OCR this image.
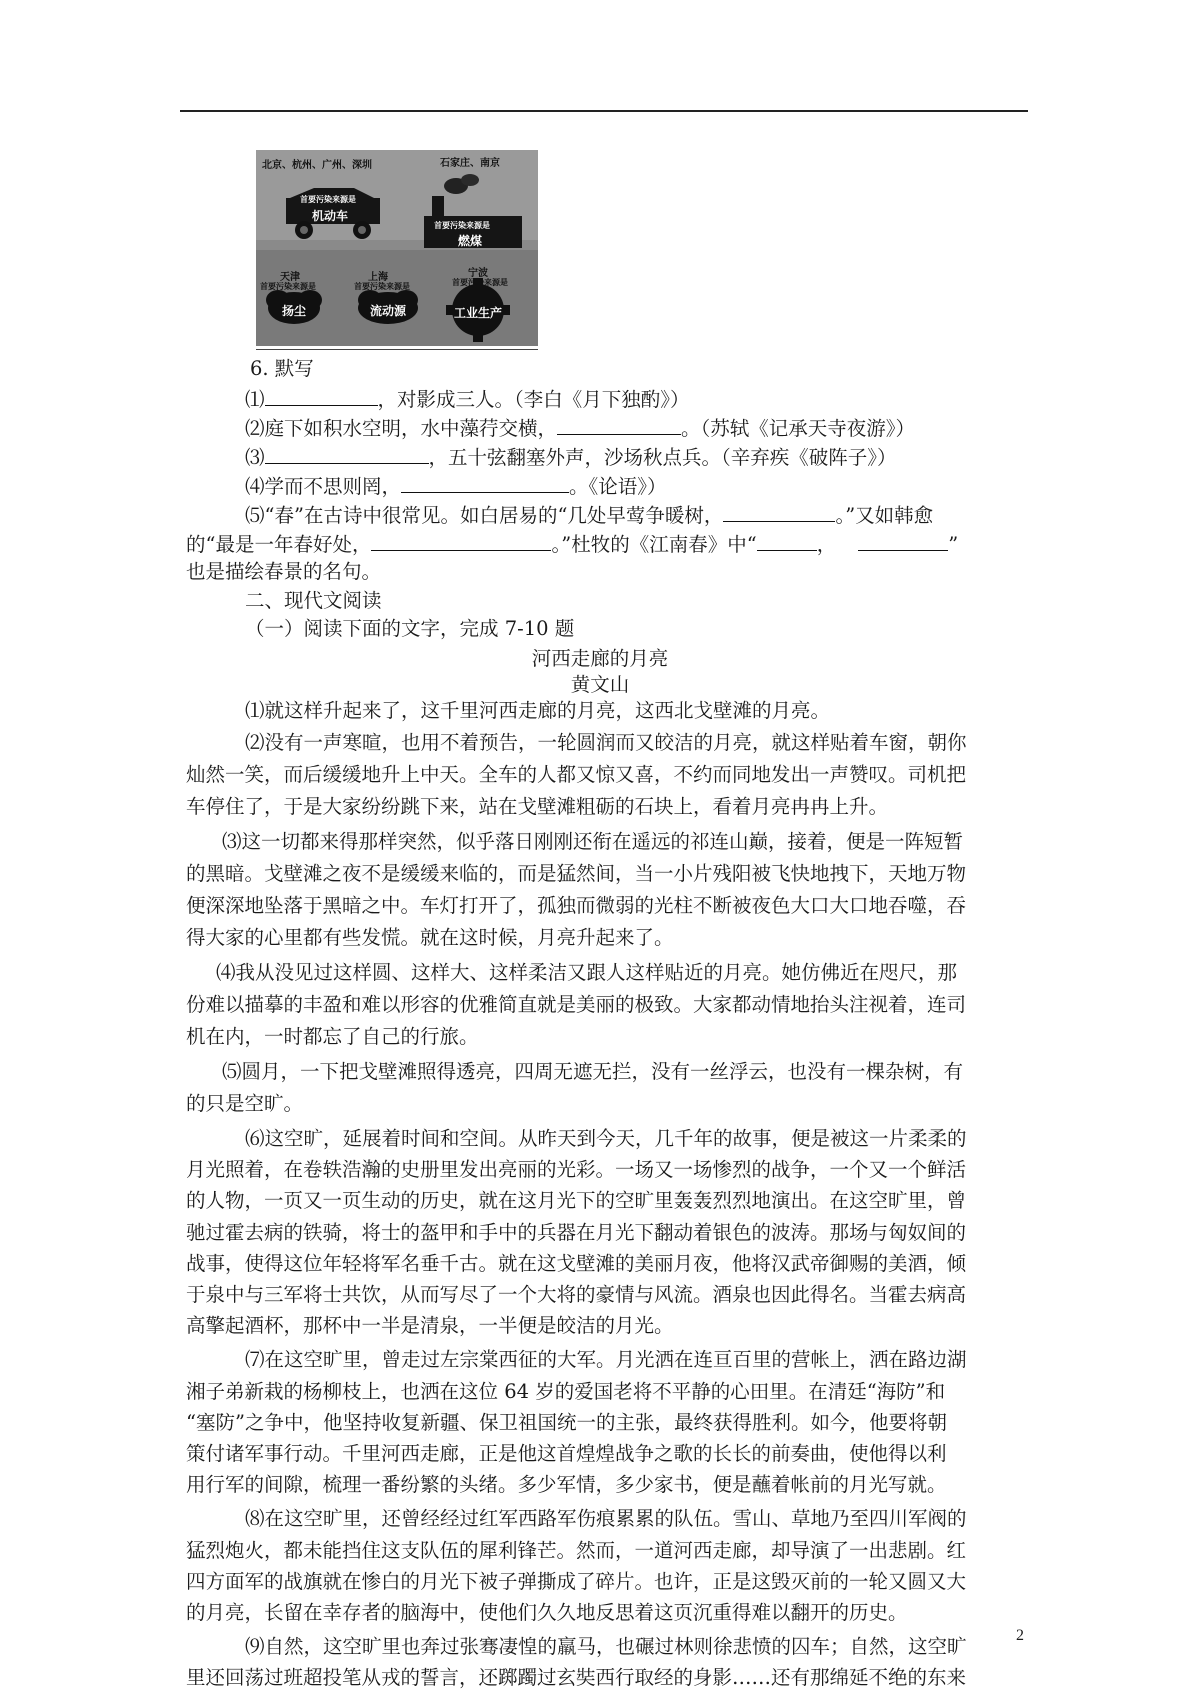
北京、杭州、广州、深圳	石家庄、南京
首要污染来源是
机动车
首要污染来源是
燃煤
天津
首要污染来源是
扬尘
上海
首要污染来源是
流动源
宁波
首要污染来源是
工业生产
6. 默写
⑴	，对影成三人。（李白《月下独酌》）
⑵庭下如积水空明，水中藻荇交横，	。（苏轼《记承天寺夜游》）
⑶	，五十弦翻塞外声，沙场秋点兵。（辛弃疾《破阵子》）
⑷学而不思则罔，	。《论语》）
⑸“春”在古诗中很常见。如白居易的“几处早莺争暖树，	。”又如韩愈
的“最是一年春好处，	。”杜牧的《江南春》中“	，	”
也是描绘春景的名句。
二、现代文阅读
（一）阅读下面的文字，完成 7-10 题
河西走廊的月亮
黄文山
⑴就这样升起来了，这千里河西走廊的月亮，这西北戈壁滩的月亮。
⑵没有一声寒暄，也用不着预告，一轮圆润而又皎洁的月亮，就这样贴着车窗，朝你
灿然一笑，而后缓缓地升上中天。全车的人都又惊又喜，不约而同地发出一声赞叹。司机把
车停住了，于是大家纷纷跳下来，站在戈壁滩粗砺的石块上，看着月亮冉冉上升。
⑶这一切都来得那样突然，似乎落日刚刚还衔在遥远的祁连山巅，接着，便是一阵短暂
的黑暗。戈壁滩之夜不是缓缓来临的，而是猛然间，当一小片残阳被飞快地拽下，天地万物
便深深地坠落于黑暗之中。车灯打开了，孤独而微弱的光柱不断被夜色大口大口地吞噬，吞
得大家的心里都有些发慌。就在这时候，月亮升起来了。
⑷我从没见过这样圆、这样大、这样柔洁又跟人这样贴近的月亮。她仿佛近在咫尺，那
份难以描摹的丰盈和难以形容的优雅简直就是美丽的极致。大家都动情地抬头注视着，连司
机在内，一时都忘了自己的行旅。
⑸圆月，一下把戈壁滩照得透亮，四周无遮无拦，没有一丝浮云，也没有一棵杂树，有
的只是空旷。
2
⑹这空旷，延展着时间和空间。从昨天到今天，几千年的故事，便是被这一片柔柔的
月光照着，在卷轶浩瀚的史册里发出亮丽的光彩。一场又一场惨烈的战争，一个又一个鲜活
的人物，一页又一页生动的历史，就在这月光下的空旷里轰轰烈烈地演出。在这空旷里，曾
驰过霍去病的铁骑，将士的盔甲和手中的兵器在月光下翻动着银色的波涛。那场与匈奴间的
战事，使得这位年轻将军名垂千古。就在这戈壁滩的美丽月夜，他将汉武帝御赐的美酒，倾
于泉中与三军将士共饮，从而写尽了一个大将的豪情与风流。酒泉也因此得名。当霍去病高
高擎起酒杯，那杯中一半是清泉，一半便是皎洁的月光。
⑺在这空旷里，曾走过左宗棠西征的大军。月光洒在连亘百里的营帐上，洒在路边湖
湘子弟新栽的杨柳枝上，也洒在这位 64 岁的爱国老将不平静的心田里。在清廷“海防”和
“塞防”之争中，他坚持收复新疆、保卫祖国统一的主张，最终获得胜利。如今，他要将朝
策付诸军事行动。千里河西走廊，正是他这首煌煌战争之歌的长长的前奏曲，使他得以利
用行军的间隙，梳理一番纷繁的头绪。多少军情，多少家书，便是蘸着帐前的月光写就。
⑻在这空旷里，还曾经经过红军西路军伤痕累累的队伍。雪山、草地乃至四川军阀的
猛烈炮火，都未能挡住这支队伍的犀利锋芒。然而，一道河西走廊，却导演了一出悲剧。红
四方面军的战旗就在惨白的月光下被子弹撕成了碎片。也许，正是这毁灭前的一轮又圆又大
的月亮，长留在幸存者的脑海中，使他们久久地反思着这页沉重得难以翻开的历史。
⑼自然，这空旷里也奔过张骞凄惶的羸马，也碾过林则徐悲愤的囚车；自然，这空旷
里还回荡过班超投笔从戎的誓言，还踯躅过玄奘西行取经的身影……还有那绵延不绝的东来
